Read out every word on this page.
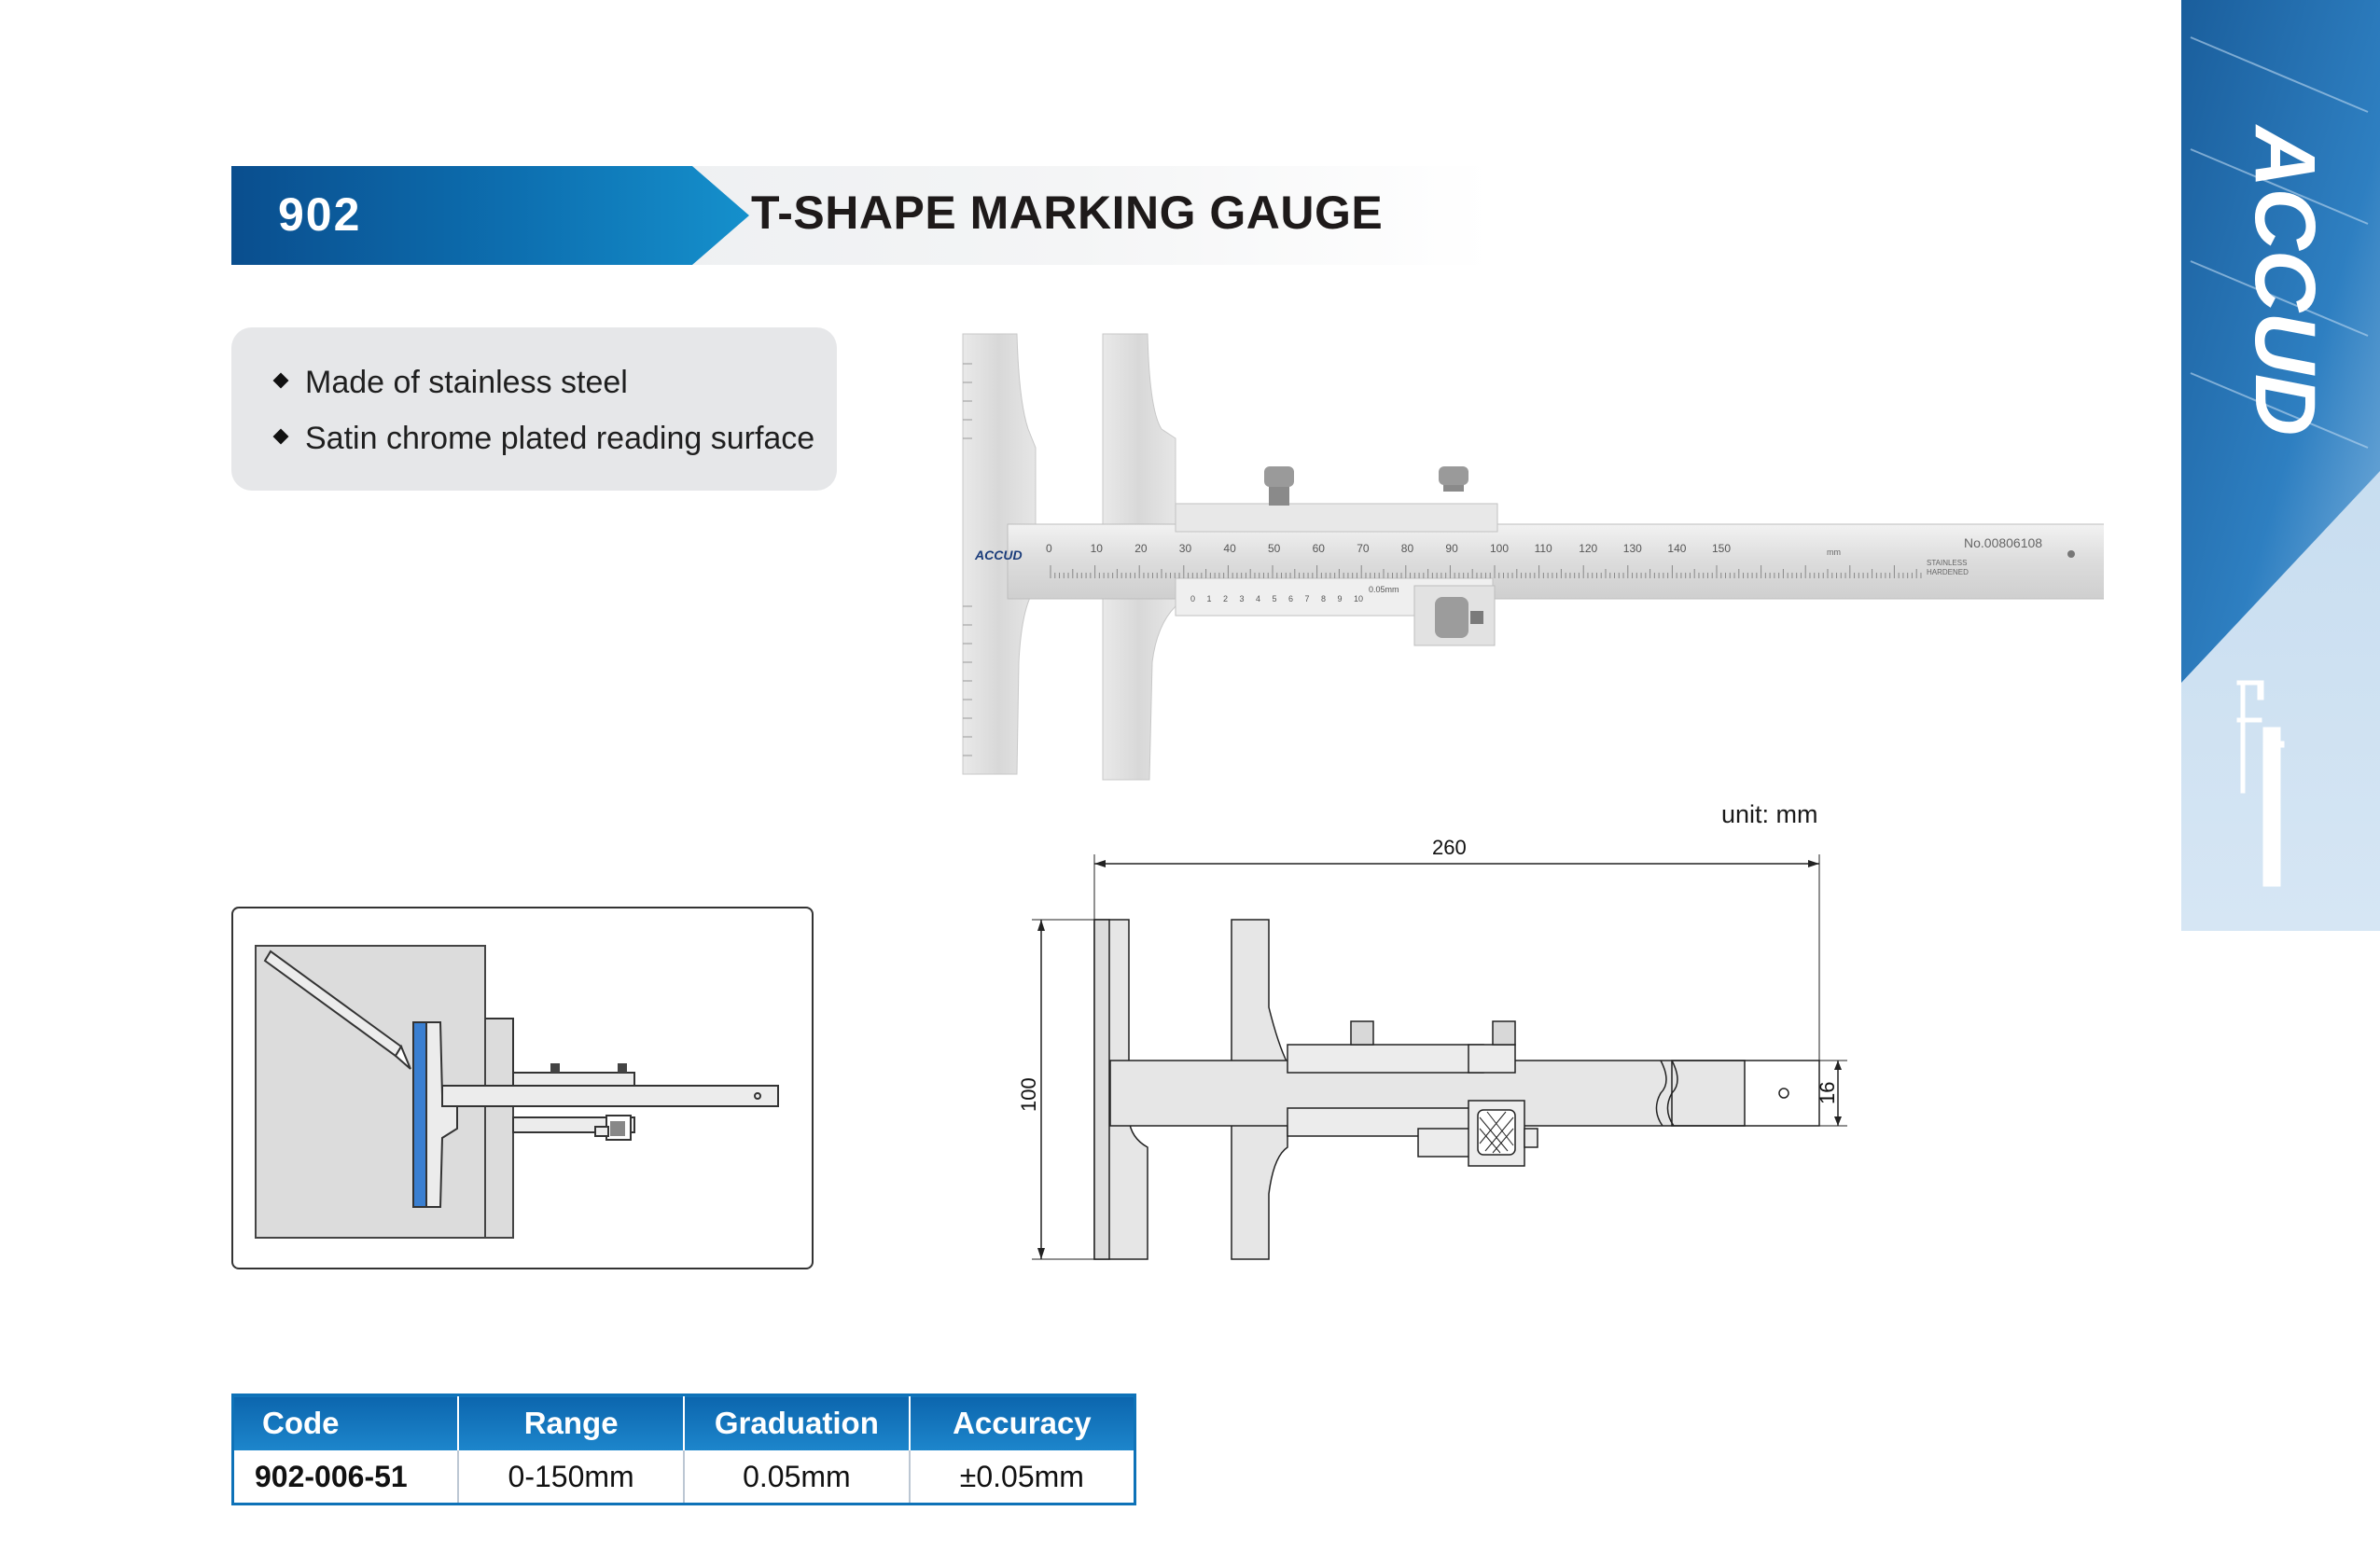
902	T-SHAPE MARKING GAUGE
Made of stainless steel
Satin chrome plated reading surface
ACCUD 0	10	20	30	40	50	60	70	80	90	100 110 120 130 140 150
0 1 2 3 4 5 6 7 8 9 10
0.05mm
No.00806108
mm
STAINLESS
HARDENED
unit: mm
260
100	16
Code	Range	Graduation	Accuracy
902-006-51	0-150mm	0.05mm	±0.05mm
ACCUD
